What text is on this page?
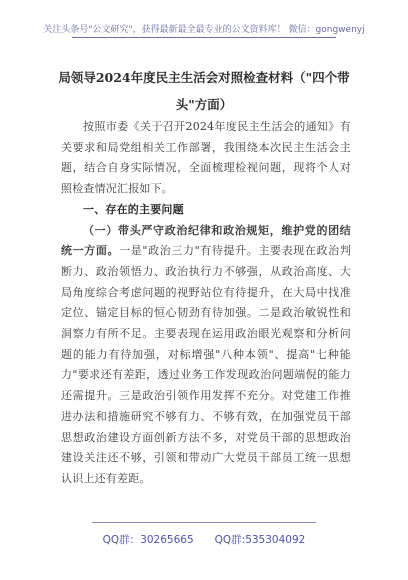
关注头条号"公文研究"，获得最新最全最专业的公文资料库！ 微信：gongwenyj
局领导2024年度民主生活会对照检查材料（"四个带头"方面）

按照市委《关于召开2024年度民主生活会的通知》有关要求和局党组相关工作部署，我围绕本次民主生活会主题，结合自身实际情况，全面梳理检视问题，现将个人对照检查情况汇报如下。

一、存在的主要问题

（一）带头严守政治纪律和政治规矩，维护党的团结统一方面。一是"政治三力"有待提升。主要表现在政治判断力、政治领悟力、政治执行力不够强，从政治高度、大局角度综合考虑问题的视野站位有待提升，在大局中找准定位、锚定目标的恒心韧劲有待加强。二是政治敏锐性和洞察力有所不足。主要表现在运用政治眼光观察和分析问题的能力有待加强，对标增强"八种本领"、提高"七种能力"要求还有差距，透过业务工作发现政治问题端倪的能力还需提升。三是政治引领作用发挥不充分。对党建工作推进办法和措施研究不够有力、不够有效，在加强党员干部思想政治建设方面创新方法不多，对党员干部的思想政治建设关注还不够，引领和带动广大党员干部员工统一思想认识上还有差距。

QQ群：30265665　　QQ群:535304092
